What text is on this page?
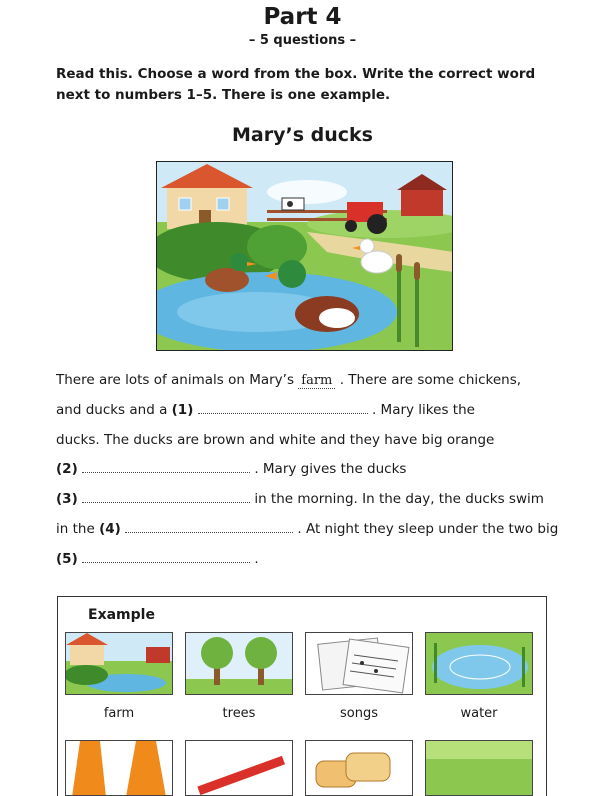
Part 4
– 5 questions –
Read this. Choose a word from the box. Write the correct word
next to numbers 1–5. There is one example.
Mary’s ducks
There are lots of animals on Mary’s farm . There are some chickens,
and ducks and a (1)	. Mary likes the
ducks. The ducks are brown and white and they have big orange
(2)	. Mary gives the ducks
(3)	in the morning. In the day, the ducks swim
in the (4)	. At night they sleep under the two big
(5)	.
Example
farm	trees	songs	water
